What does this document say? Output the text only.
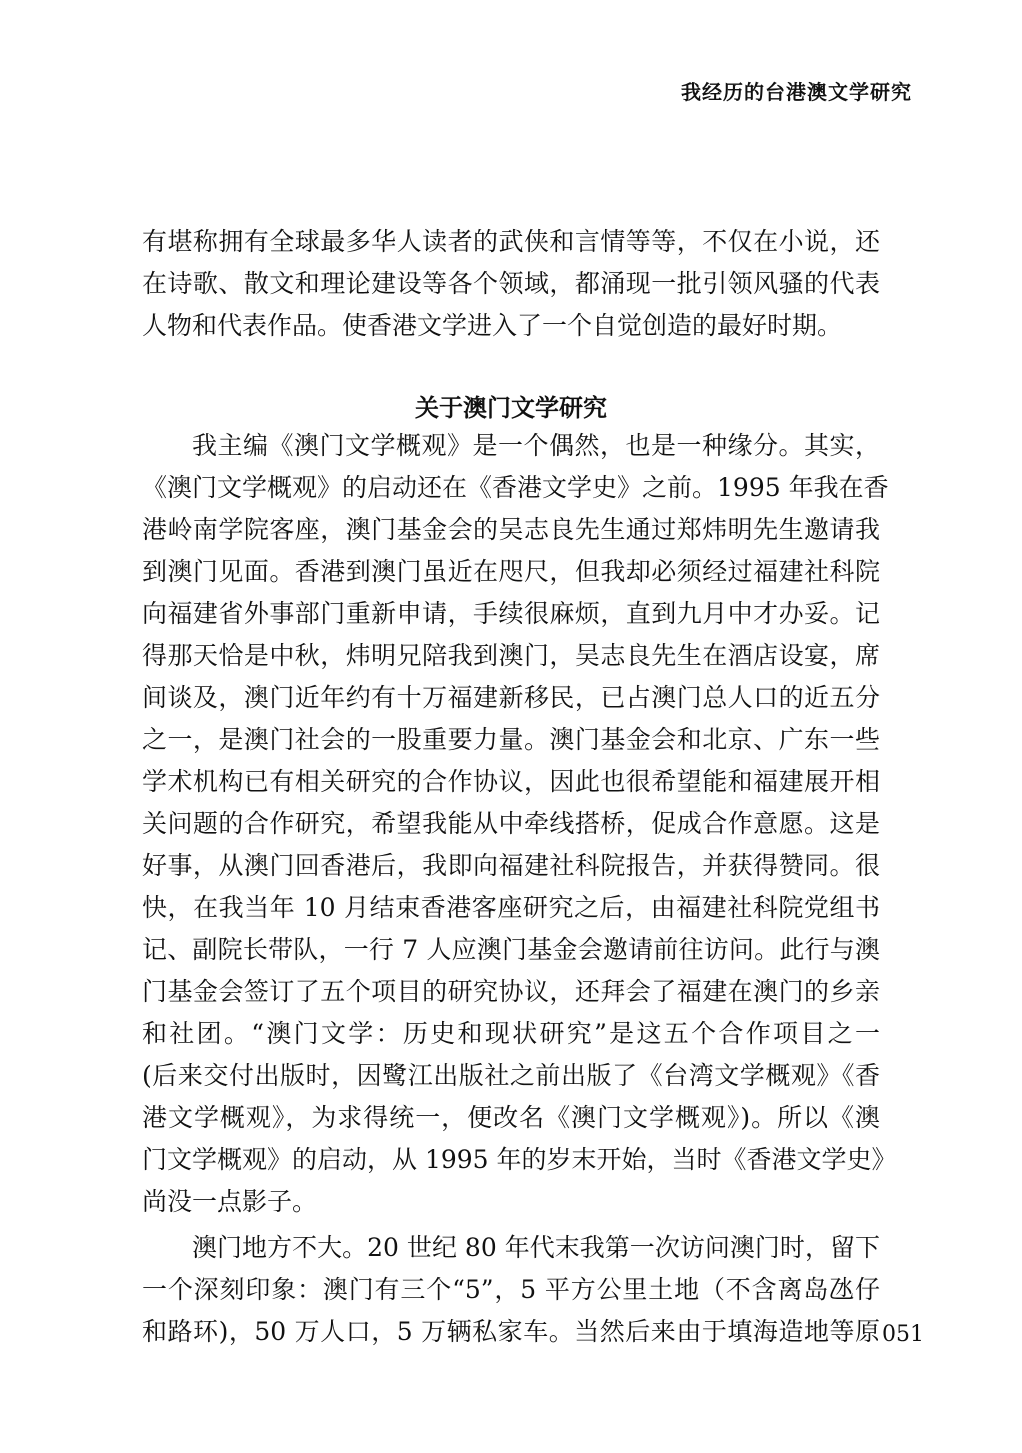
我经历的台港澳文学研究
有堪称拥有全球最多华人读者的武侠和言情等等，不仅在小说，还
在诗歌、散文和理论建设等各个领域，都涌现一批引领风骚的代表
人物和代表作品。使香港文学进入了一个自觉创造的最好时期。
关于澳门文学研究
我主编《澳门文学概观》是一个偶然，也是一种缘分。其实，
《澳门文学概观》的启动还在《香港文学史》之前。1995 年我在香
港岭南学院客座，澳门基金会的吴志良先生通过郑炜明先生邀请我
到澳门见面。香港到澳门虽近在咫尺，但我却必须经过福建社科院
向福建省外事部门重新申请，手续很麻烦，直到九月中才办妥。记
得那天恰是中秋，炜明兄陪我到澳门，吴志良先生在酒店设宴，席
间谈及，澳门近年约有十万福建新移民，已占澳门总人口的近五分
之一，是澳门社会的一股重要力量。澳门基金会和北京、广东一些
学术机构已有相关研究的合作协议，因此也很希望能和福建展开相
关问题的合作研究，希望我能从中牵线搭桥，促成合作意愿。这是
好事，从澳门回香港后，我即向福建社科院报告，并获得赞同。很
快，在我当年 10 月结束香港客座研究之后，由福建社科院党组书
记、副院长带队，一行 7 人应澳门基金会邀请前往访问。此行与澳
门基金会签订了五个项目的研究协议，还拜会了福建在澳门的乡亲
和社团。“澳门文学：历史和现状研究”是这五个合作项目之一
(后来交付出版时，因鹭江出版社之前出版了《台湾文学概观》《香
港文学概观》，为求得统一，便改名《澳门文学概观》)。所以《澳
门文学概观》的启动，从 1995 年的岁末开始，当时《香港文学史》
尚没一点影子。
澳门地方不大。20 世纪 80 年代末我第一次访问澳门时，留下
一个深刻印象：澳门有三个“5”，5 平方公里土地（不含离岛氹仔
和路环)，50 万人口，5 万辆私家车。当然后来由于填海造地等原 051
